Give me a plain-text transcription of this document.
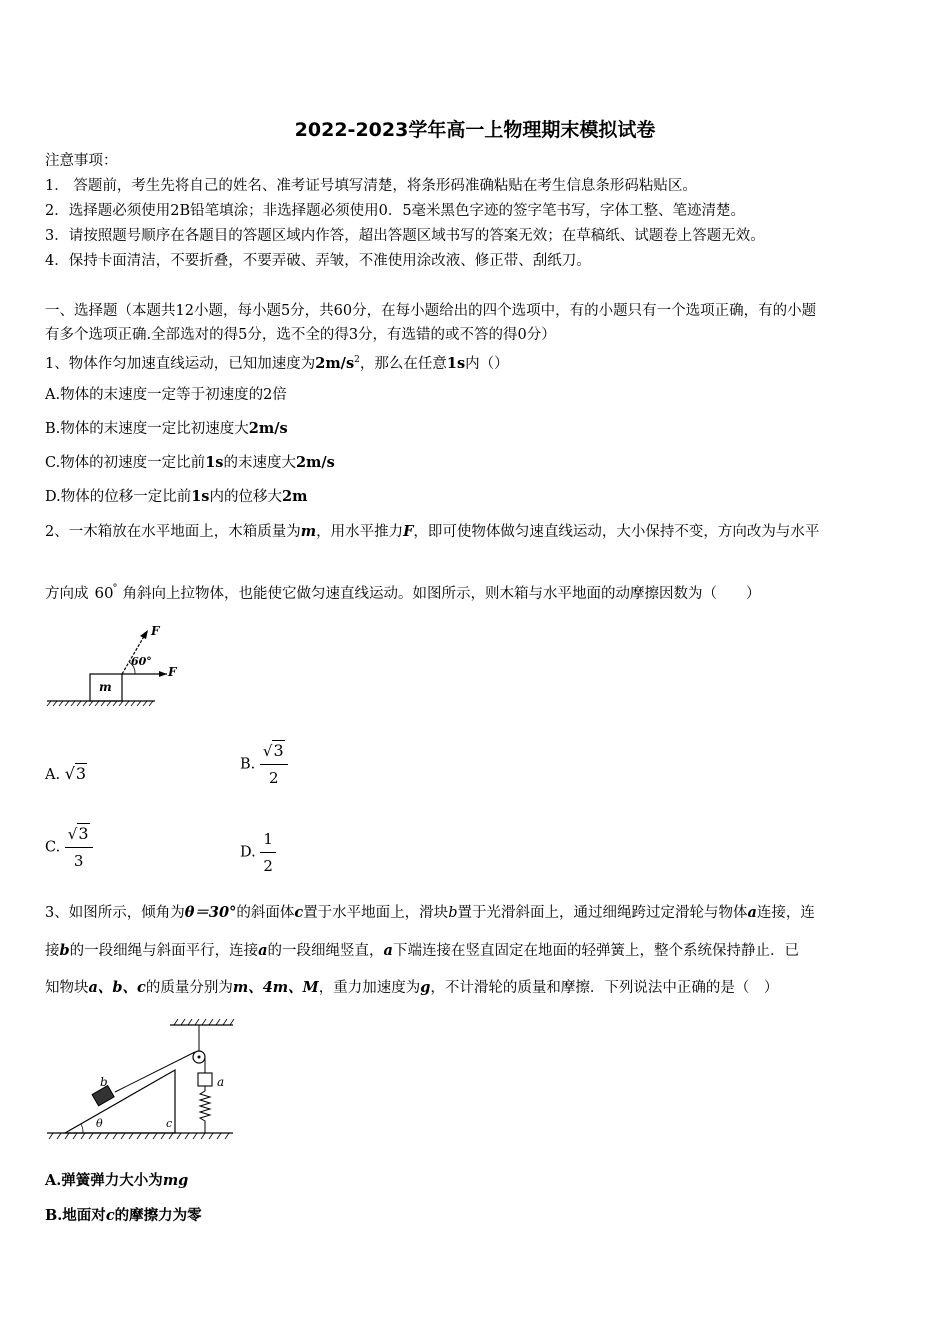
2022-2023学年高一上物理期末模拟试卷
注意事项：
1． 答题前，考生先将自己的姓名、准考证号填写清楚，将条形码准确粘贴在考生信息条形码粘贴区。
2．选择题必须使用2B铅笔填涂；非选择题必须使用0．5毫米黑色字迹的签字笔书写，字体工整、笔迹清楚。
3．请按照题号顺序在各题目的答题区域内作答，超出答题区域书写的答案无效；在草稿纸、试题卷上答题无效。
4．保持卡面清洁，不要折叠，不要弄破、弄皱，不准使用涂改液、修正带、刮纸刀。
一、选择题（本题共12小题，每小题5分，共60分，在每小题给出的四个选项中，有的小题只有一个选项正确，有的小题
有多个选项正确.全部选对的得5分，选不全的得3分，有选错的或不答的得0分）
1、物体作匀加速直线运动，已知加速度为$2m/s^2$，那么在任意1s内（）
A.物体的末速度一定等于初速度的2倍
B.物体的末速度一定比初速度大2m/s
C.物体的初速度一定比前1s的末速度大2m/s
D.物体的位移一定比前1s内的位移大2m
2、一木箱放在水平地面上，木箱质量为m，用水平推力F，即可使物体做匀速直线运动，大小保持不变，方向改为与水平
方向成 60
° 角斜向上拉物体，也能使它做匀速直线运动。如图所示，则木箱与水平地面的动摩擦因数为（　　）
F
60°
F
m
A. √3	B. $\frac{√3}{2}$
C. $\frac{√3}{3}$	D. $\frac{1}{2}$
3、如图所示，倾角为θ＝30°的斜面体c置于水平地面上，滑块b置于光滑斜面上，通过细绳跨过定滑轮与物体a连接，连
接b的一段细绳与斜面平行，连接a的一段细绳竖直，a下端连接在竖直固定在地面的轻弹簧上，整个系统保持静止．已
知物块a、b、c的质量分别为m、4m、M，重力加速度为g，不计滑轮的质量和摩擦．下列说法中正确的是（　）
b	a
θ	c
A.弹簧弹力大小为mg
B.地面对c的摩擦力为零
